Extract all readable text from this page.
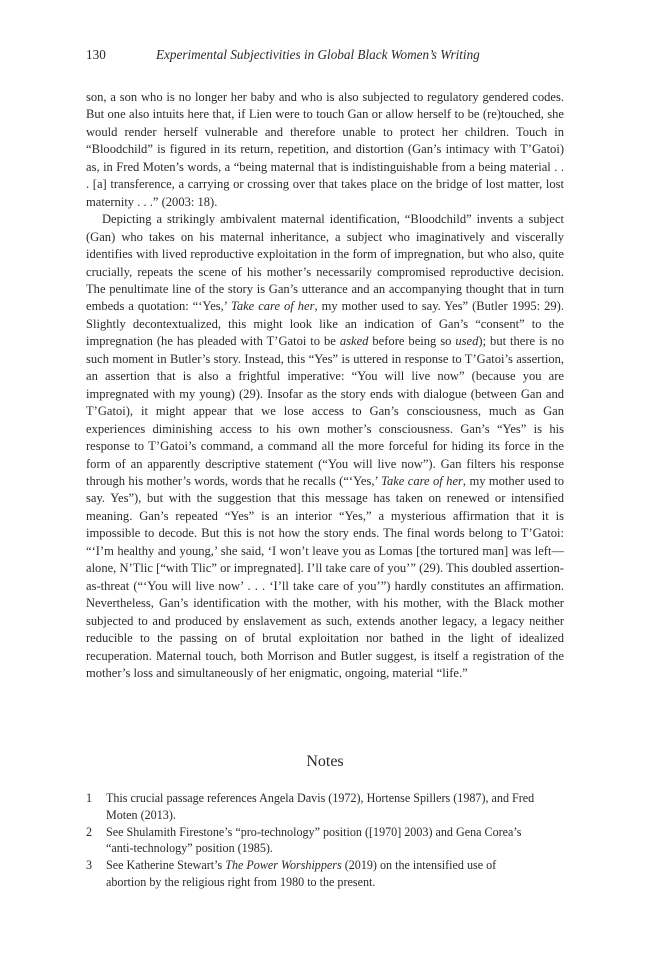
130	Experimental Subjectivities in Global Black Women’s Writing

son, a son who is no longer her baby and who is also subjected to regulatory gendered codes. But one also intuits here that, if Lien were to touch Gan or allow herself to be (re)touched, she would render herself vulnerable and therefore unable to protect her children. Touch in “Bloodchild” is figured in its return, repetition, and distortion (Gan’s intimacy with T’Gatoi) as, in Fred Moten’s words, a “being maternal that is indistinguishable from a being material . . . [a] transference, a carrying or crossing over that takes place on the bridge of lost matter, lost maternity . . .” (2003: 18).

Depicting a strikingly ambivalent maternal identification, “Bloodchild” invents a subject (Gan) who takes on his maternal inheritance, a subject who imaginatively and viscerally identifies with lived reproductive exploitation in the form of impregnation, but who also, quite crucially, repeats the scene of his mother’s necessarily compromised reproductive decision. The penultimate line of the story is Gan’s utterance and an accompanying thought that in turn embeds a quotation: “‘Yes,’ Take care of her, my mother used to say. Yes” (Butler 1995: 29). Slightly decontextualized, this might look like an indication of Gan’s “consent” to the impregnation (he has pleaded with T’Gatoi to be asked before being so used); but there is no such moment in Butler’s story. Instead, this “Yes” is uttered in response to T’Gatoi’s assertion, an assertion that is also a frightful imperative: “You will live now” (because you are impregnated with my young) (29). Insofar as the story ends with dialogue (between Gan and T’Gatoi), it might appear that we lose access to Gan’s consciousness, much as Gan experiences diminishing access to his own mother’s consciousness. Gan’s “Yes” is his response to T’Gatoi’s command, a command all the more forceful for hiding its force in the form of an apparently descriptive statement (“You will live now”). Gan filters his response through his mother’s words, words that he recalls (“‘Yes,’ Take care of her, my mother used to say. Yes”), but with the suggestion that this message has taken on renewed or intensified meaning. Gan’s repeated “Yes” is an interior “Yes,” a mysterious affirmation that it is impossible to decode. But this is not how the story ends. The final words belong to T’Gatoi: “‘I’m healthy and young,’ she said, ‘I won’t leave you as Lomas [the tortured man] was left—alone, N’Tlic [“with Tlic” or impregnated]. I’ll take care of you’” (29). This doubled assertion-as-threat (“‘You will live now’ . . . ‘I’ll take care of you’”) hardly constitutes an affirmation. Nevertheless, Gan’s identification with the mother, with his mother, with the Black mother subjected to and produced by enslavement as such, extends another legacy, a legacy neither reducible to the passing on of brutal exploitation nor bathed in the light of idealized recuperation. Maternal touch, both Morrison and Butler suggest, is itself a registration of the mother’s loss and simultaneously of her enigmatic, ongoing, material “life.”

Notes
1	This crucial passage references Angela Davis (1972), Hortense Spillers (1987), and Fred Moten (2013).
2	See Shulamith Firestone’s “pro-technology” position ([1970] 2003) and Gena Corea’s “anti-technology” position (1985).
3	See Katherine Stewart’s The Power Worshippers (2019) on the intensified use of abortion by the religious right from 1980 to the present.
